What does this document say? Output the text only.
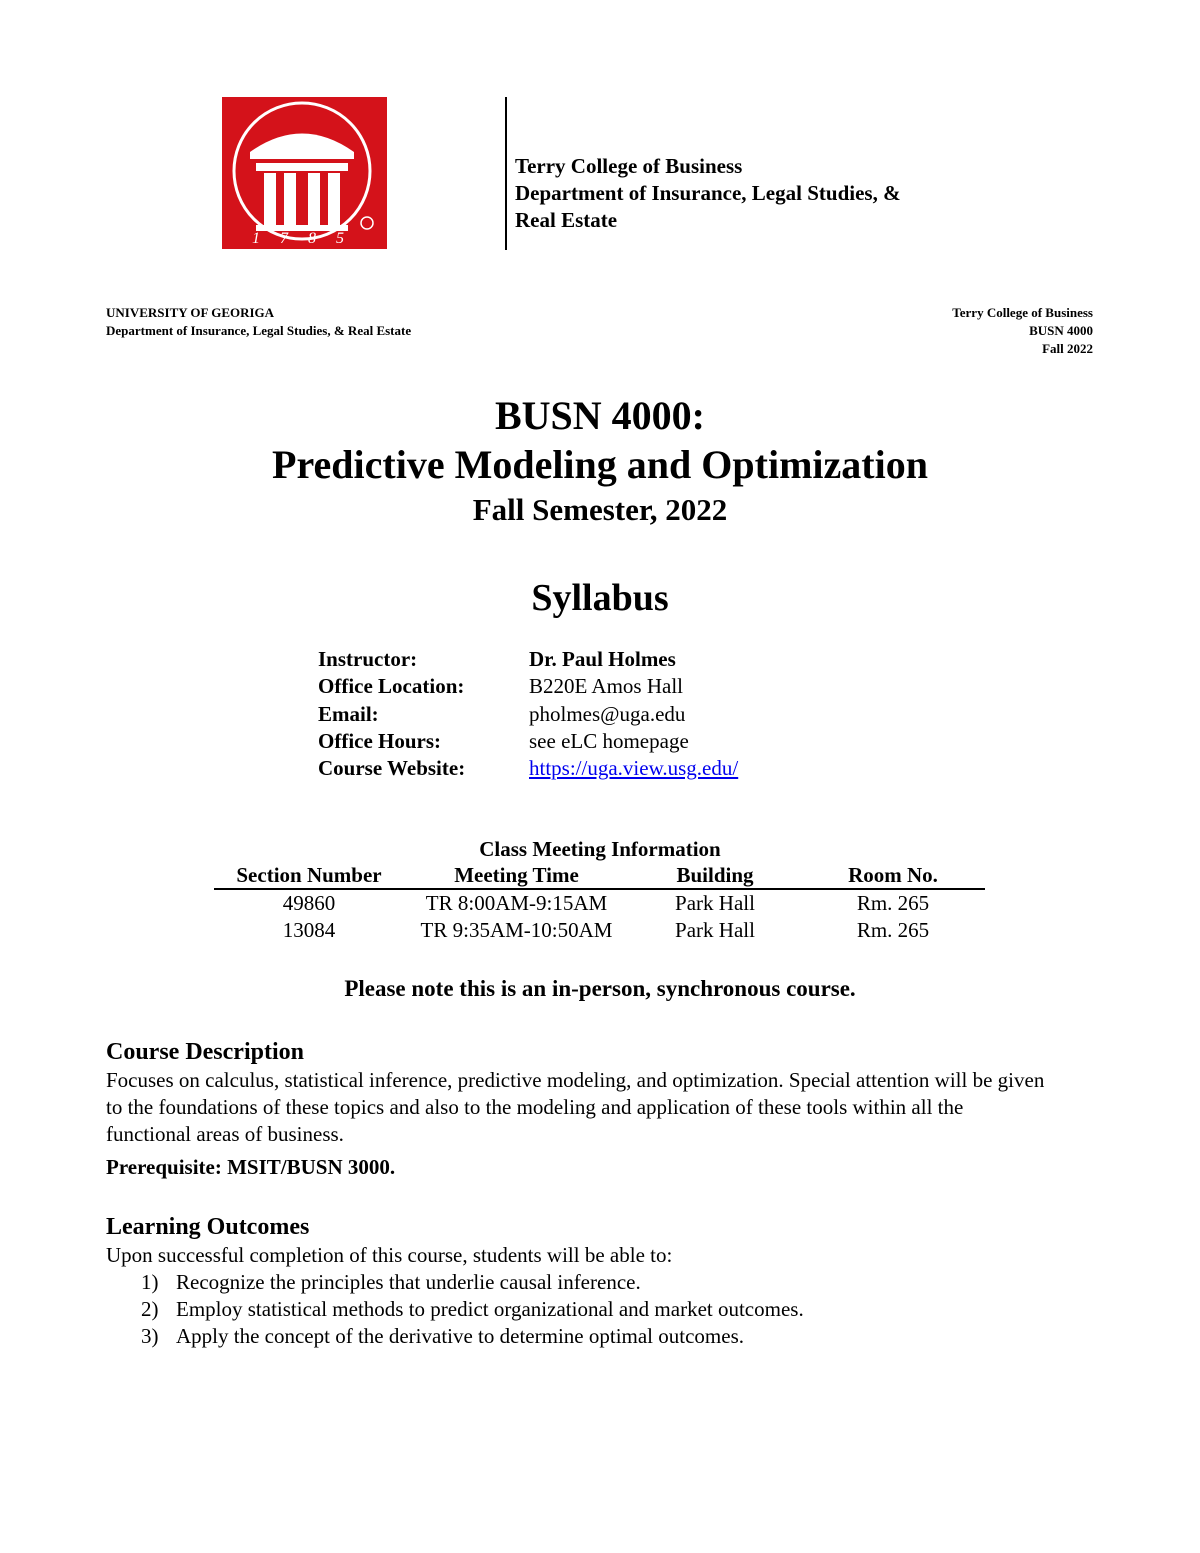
1 7 8 5
Terry College of Business
Department of Insurance, Legal Studies, &
Real Estate
UNIVERSITY OF GEORIGA
Department of Insurance, Legal Studies, & Real Estate
Terry College of Business
BUSN 4000
Fall 2022
BUSN 4000:
Predictive Modeling and Optimization
Fall Semester, 2022
Syllabus
Instructor:	Dr. Paul Holmes
Office Location:	B220E Amos Hall
Email:	pholmes@uga.edu
Office Hours:	see eLC homepage
Course Website:	https://uga.view.usg.edu/
Class Meeting Information
Section Number	Meeting Time	Building	Room No.
49860	TR 8:00AM-9:15AM	Park Hall	Rm. 265
13084	TR 9:35AM-10:50AM	Park Hall	Rm. 265
Please note this is an in-person, synchronous course.
Course Description

Focuses on calculus, statistical inference, predictive modeling, and optimization. Special attention will be given to the foundations of these topics and also to the modeling and application of these tools within all the functional areas of business.

Prerequisite: MSIT/BUSN 3000.

Learning Outcomes

Upon successful completion of this course, students will be able to:

1) Recognize the principles that underlie causal inference.
2) Employ statistical methods to predict organizational and market outcomes.
3) Apply the concept of the derivative to determine optimal outcomes.
